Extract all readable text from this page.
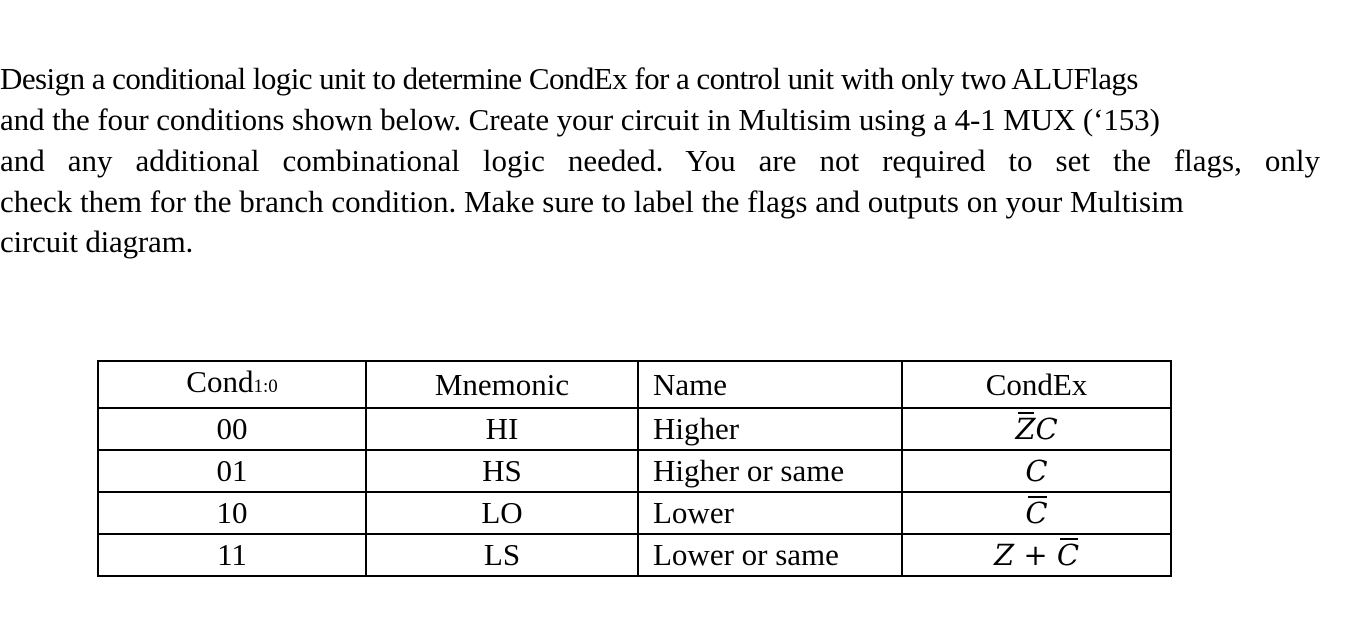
Design a conditional logic unit to determine CondEx for a control unit with only two ALUFlags

and the four conditions shown below. Create your circuit in Multisim using a 4-1 MUX (‘153)

and any additional combinational logic needed. You are not required to set the flags, only

check them for the branch condition. Make sure to label the flags and outputs on your Multisim

circuit diagram.

Cond1:0	Mnemonic	Name	CondEx
00	HI	Higher	ZC
01	HS	Higher or same	C
10	LO	Lower	C
11	LS	Lower or same	Z + C
